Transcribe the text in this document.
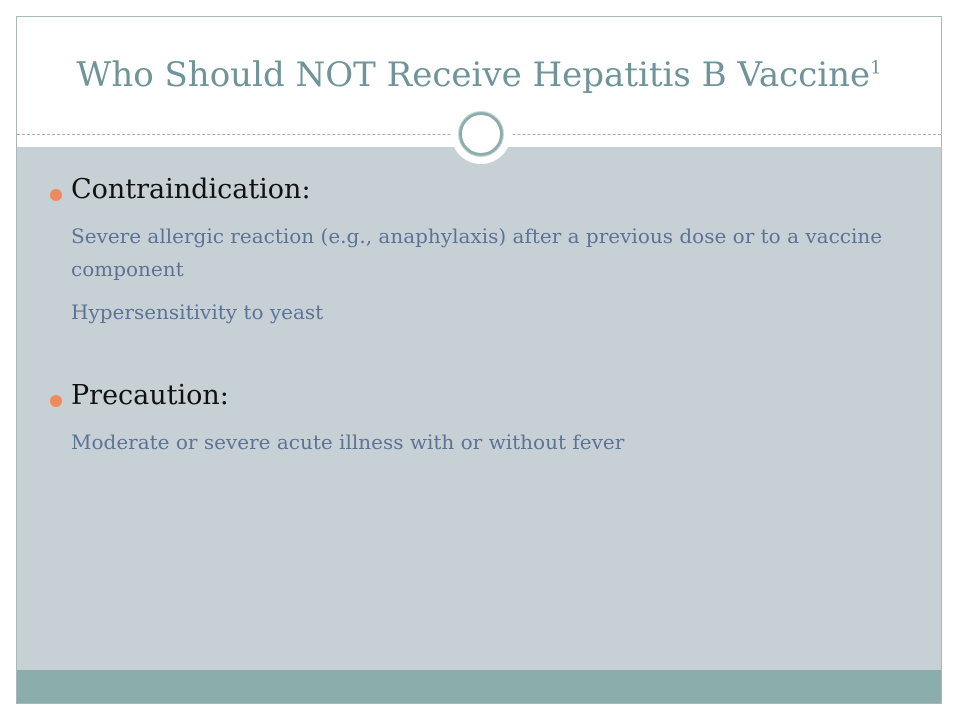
Who Should NOT Receive Hepatitis B Vaccine$^1$
Contraindication:
Severe allergic reaction (e.g., anaphylaxis) after a previous dose or to a vaccine component
Hypersensitivity to yeast
Precaution:
Moderate or severe acute illness with or without fever
